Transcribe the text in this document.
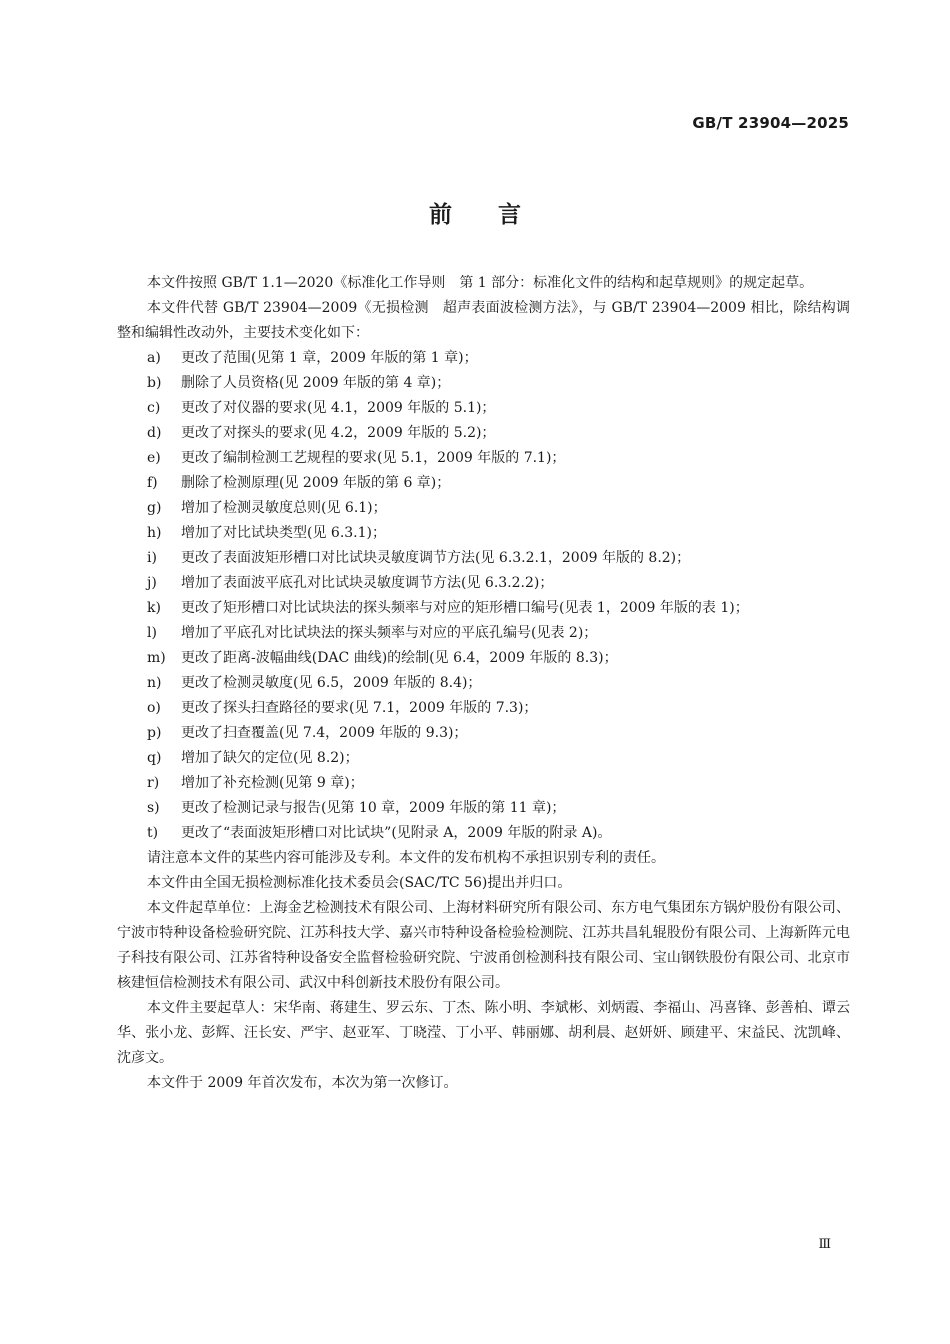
GB/T 23904—2025
前言

本文件按照 GB/T 1.1—2020《标准化工作导则　第 1 部分：标准化文件的结构和起草规则》的规定起草。

本文件代替 GB/T 23904—2009《无损检测　超声表面波检测方法》，与 GB/T 23904—2009 相比，除结构调整和编辑性改动外，主要技术变化如下：

a) 更改了范围(见第 1 章，2009 年版的第 1 章)；
b) 删除了人员资格(见 2009 年版的第 4 章)；
c) 更改了对仪器的要求(见 4.1，2009 年版的 5.1)；
d) 更改了对探头的要求(见 4.2，2009 年版的 5.2)；
e) 更改了编制检测工艺规程的要求(见 5.1，2009 年版的 7.1)；
f) 删除了检测原理(见 2009 年版的第 6 章)；
g) 增加了检测灵敏度总则(见 6.1)；
h) 增加了对比试块类型(见 6.3.1)；
i) 更改了表面波矩形槽口对比试块灵敏度调节方法(见 6.3.2.1，2009 年版的 8.2)；
j) 增加了表面波平底孔对比试块灵敏度调节方法(见 6.3.2.2)；
k) 更改了矩形槽口对比试块法的探头频率与对应的矩形槽口编号(见表 1，2009 年版的表 1)；
l) 增加了平底孔对比试块法的探头频率与对应的平底孔编号(见表 2)；
m) 更改了距离-波幅曲线(DAC 曲线)的绘制(见 6.4，2009 年版的 8.3)；
n) 更改了检测灵敏度(见 6.5，2009 年版的 8.4)；
o) 更改了探头扫查路径的要求(见 7.1，2009 年版的 7.3)；
p) 更改了扫查覆盖(见 7.4，2009 年版的 9.3)；
q) 增加了缺欠的定位(见 8.2)；
r) 增加了补充检测(见第 9 章)；
s) 更改了检测记录与报告(见第 10 章，2009 年版的第 11 章)；
t) 更改了“表面波矩形槽口对比试块”(见附录 A，2009 年版的附录 A)。

请注意本文件的某些内容可能涉及专利。本文件的发布机构不承担识别专利的责任。

本文件由全国无损检测标准化技术委员会(SAC/TC 56)提出并归口。

本文件起草单位：上海金艺检测技术有限公司、上海材料研究所有限公司、东方电气集团东方锅炉股份有限公司、宁波市特种设备检验研究院、江苏科技大学、嘉兴市特种设备检验检测院、江苏共昌轧辊股份有限公司、上海新阵元电子科技有限公司、江苏省特种设备安全监督检验研究院、宁波甬创检测科技有限公司、宝山钢铁股份有限公司、北京市核建恒信检测技术有限公司、武汉中科创新技术股份有限公司。

本文件主要起草人：宋华南、蒋建生、罗云东、丁杰、陈小明、李斌彬、刘炳霞、李福山、冯喜锋、彭善柏、谭云华、张小龙、彭辉、汪长安、严宇、赵亚军、丁晓滢、丁小平、韩丽娜、胡利晨、赵妍妍、顾建平、宋益民、沈凯峰、沈彦文。

本文件于 2009 年首次发布，本次为第一次修订。

Ⅲ
